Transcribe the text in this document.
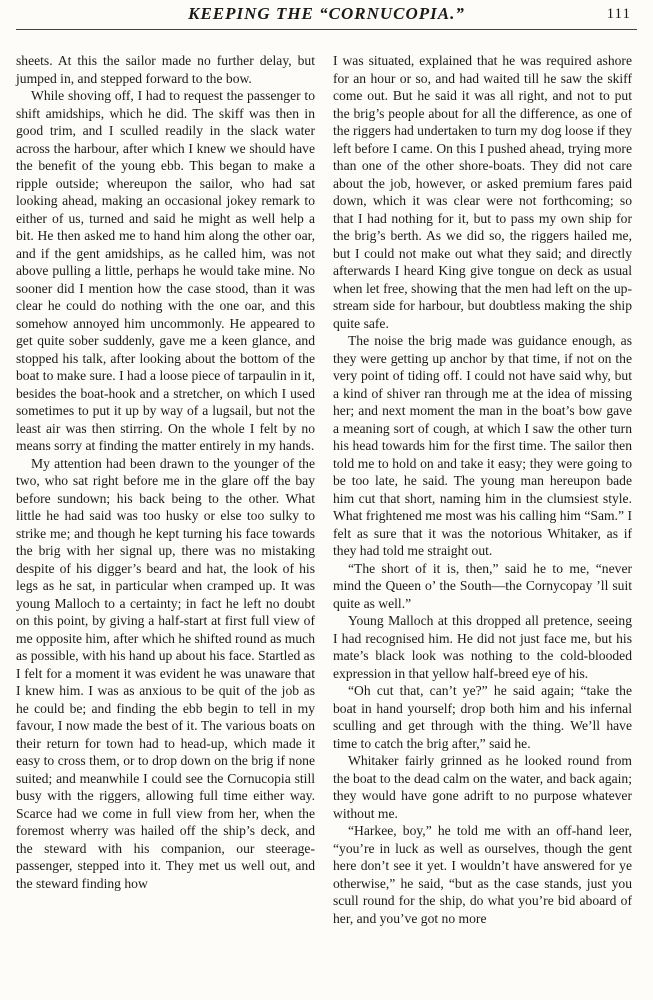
KEEPING THE “CORNUCOPIA.”	111

sheets. At this the sailor made no further delay, but jumped in, and stepped forward to the bow.

While shoving off, I had to request the passenger to shift amidships, which he did. The skiff was then in good trim, and I sculled readily in the slack water across the harbour, after which I knew we should have the benefit of the young ebb. This began to make a ripple outside; whereupon the sailor, who had sat looking ahead, making an occasional jokey remark to either of us, turned and said he might as well help a bit. He then asked me to hand him along the other oar, and if the gent amidships, as he called him, was not above pulling a little, perhaps he would take mine. No sooner did I mention how the case stood, than it was clear he could do nothing with the one oar, and this somehow annoyed him uncommonly. He appeared to get quite sober suddenly, gave me a keen glance, and stopped his talk, after looking about the bottom of the boat to make sure. I had a loose piece of tarpaulin in it, besides the boat-hook and a stretcher, on which I used sometimes to put it up by way of a lugsail, but not the least air was then stirring. On the whole I felt by no means sorry at finding the matter entirely in my hands.

My attention had been drawn to the younger of the two, who sat right before me in the glare off the bay before sundown; his back being to the other. What little he had said was too husky or else too sulky to strike me; and though he kept turning his face towards the brig with her signal up, there was no mistaking despite of his digger’s beard and hat, the look of his legs as he sat, in particular when cramped up. It was young Malloch to a certainty; in fact he left no doubt on this point, by giving a half-start at first full view of me opposite him, after which he shifted round as much as possible, with his hand up about his face. Startled as I felt for a moment it was evident he was unaware that I knew him. I was as anxious to be quit of the job as he could be; and finding the ebb begin to tell in my favour, I now made the best of it. The various boats on their return for town had to head-up, which made it easy to cross them, or to drop down on the brig if none suited; and meanwhile I could see the Cornucopia still busy with the riggers, allowing full time either way. Scarce had we come in full view from her, when the foremost wherry was hailed off the ship’s deck, and the steward with his companion, our steerage-passenger, stepped into it. They met us well out, and the steward finding how

I was situated, explained that he was required ashore for an hour or so, and had waited till he saw the skiff come out. But he said it was all right, and not to put the brig’s people about for all the difference, as one of the riggers had undertaken to turn my dog loose if they left before I came. On this I pushed ahead, trying more than one of the other shore-boats. They did not care about the job, however, or asked premium fares paid down, which it was clear were not forthcoming; so that I had nothing for it, but to pass my own ship for the brig’s berth. As we did so, the riggers hailed me, but I could not make out what they said; and directly afterwards I heard King give tongue on deck as usual when let free, showing that the men had left on the up-stream side for harbour, but doubtless making the ship quite safe.

The noise the brig made was guidance enough, as they were getting up anchor by that time, if not on the very point of tiding off. I could not have said why, but a kind of shiver ran through me at the idea of missing her; and next moment the man in the boat’s bow gave a meaning sort of cough, at which I saw the other turn his head towards him for the first time. The sailor then told me to hold on and take it easy; they were going to be too late, he said. The young man hereupon bade him cut that short, naming him in the clumsiest style. What frightened me most was his calling him “Sam.” I felt as sure that it was the notorious Whitaker, as if they had told me straight out.

“The short of it is, then,” said he to me, “never mind the Queen o’ the South—the Cornycopay ’ll suit quite as well.”

Young Malloch at this dropped all pretence, seeing I had recognised him. He did not just face me, but his mate’s black look was nothing to the cold-blooded expression in that yellow half-breed eye of his.

“Oh cut that, can’t ye?” he said again; “take the boat in hand yourself; drop both him and his infernal sculling and get through with the thing. We’ll have time to catch the brig after,” said he.

Whitaker fairly grinned as he looked round from the boat to the dead calm on the water, and back again; they would have gone adrift to no purpose whatever without me.

“Harkee, boy,” he told me with an off-hand leer, “you’re in luck as well as ourselves, though the gent here don’t see it yet. I wouldn’t have answered for ye otherwise,” he said, “but as the case stands, just you scull round for the ship, do what you’re bid aboard of her, and you’ve got no more
